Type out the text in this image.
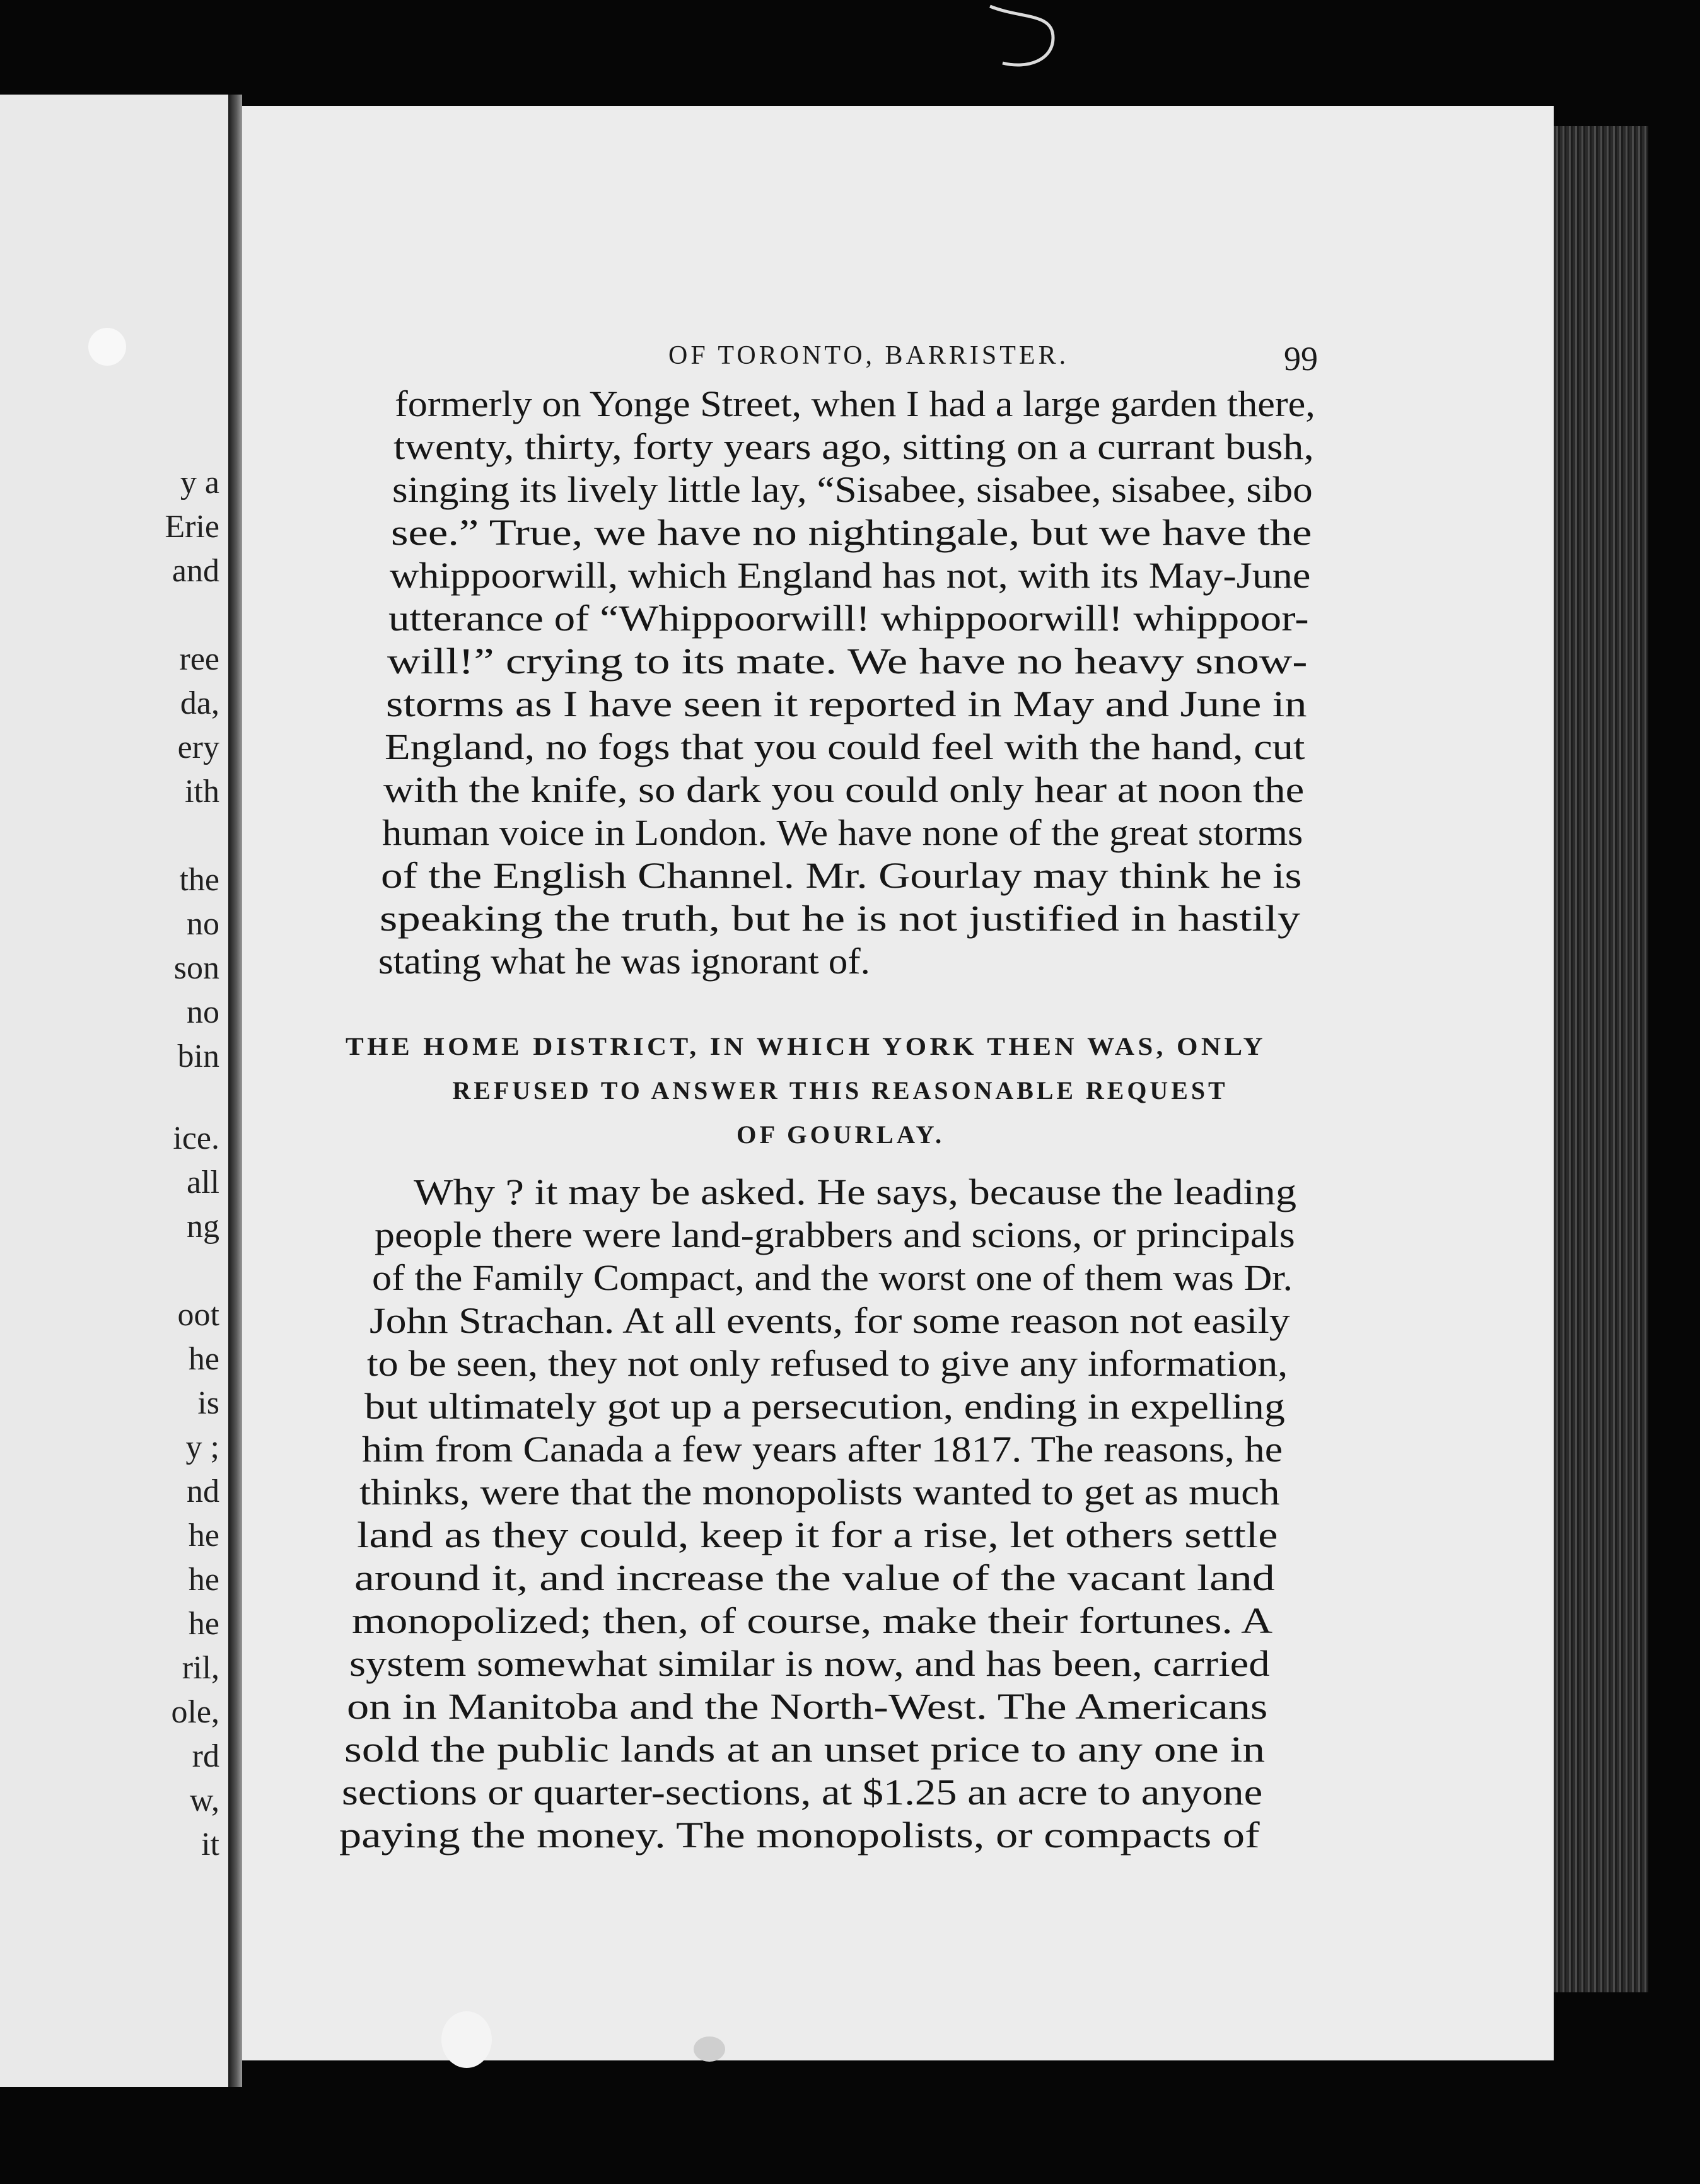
y a
Erie
and
ree
da,
ery
ith
the
no
son
no
bin
ice.
all
ng
oot
he
is
y ;
nd
he
he
he
ril,
ole,
rd
w,
it
OF TORONTO, BARRISTER.	99
formerly on Yonge Street, when I had a large garden there,
twenty, thirty, forty years ago, sitting on a currant bush,
singing its lively little lay, “Sisabee, sisabee, sisabee, sibo
see.” True, we have no nightingale, but we have the
whippoorwill, which England has not, with its May-June
utterance of “Whippoorwill! whippoorwill! whippoor-
will!” crying to its mate. We have no heavy snow-
storms as I have seen it reported in May and June in
England, no fogs that you could feel with the hand, cut
with the knife, so dark you could only hear at noon the
human voice in London. We have none of the great storms
of the English Channel. Mr. Gourlay may think he is
speaking the truth, but he is not justified in hastily
stating what he was ignorant of.
THE HOME DISTRICT, IN WHICH YORK THEN WAS, ONLY
REFUSED TO ANSWER THIS REASONABLE REQUEST
OF GOURLAY.
Why ? it may be asked. He says, because the leading
people there were land-grabbers and scions, or principals
of the Family Compact, and the worst one of them was Dr.
John Strachan. At all events, for some reason not easily
to be seen, they not only refused to give any information,
but ultimately got up a persecution, ending in expelling
him from Canada a few years after 1817. The reasons, he
thinks, were that the monopolists wanted to get as much
land as they could, keep it for a rise, let others settle
around it, and increase the value of the vacant land
monopolized; then, of course, make their fortunes. A
system somewhat similar is now, and has been, carried
on in Manitoba and the North-West. The Americans
sold the public lands at an unset price to any one in
sections or quarter-sections, at $1.25 an acre to anyone
paying the money. The monopolists, or compacts of
